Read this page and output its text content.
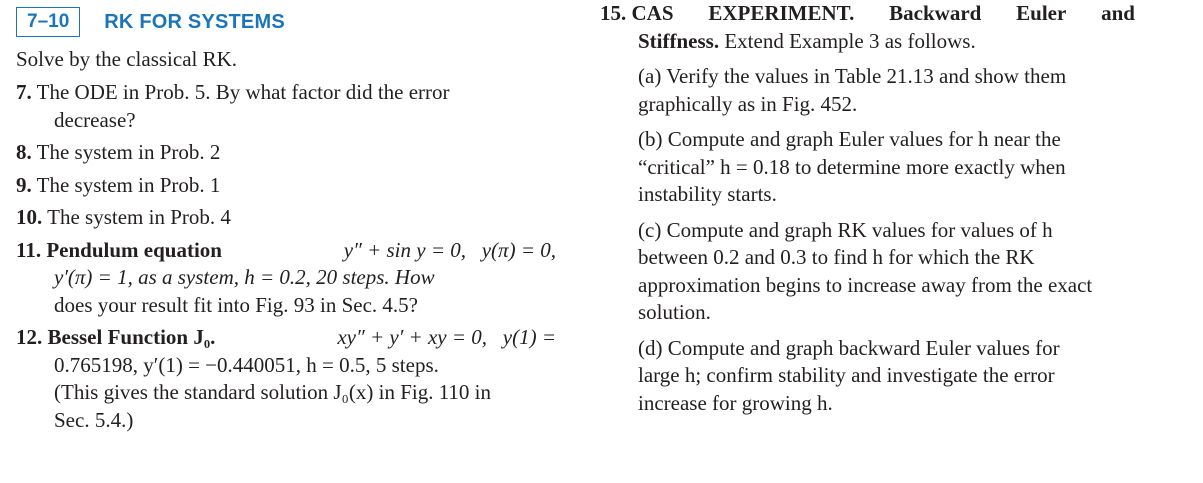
7–10	RK FOR SYSTEMS
Solve by the classical RK.
7. The ODE in Prob. 5. By what factor did the error
decrease?
8. The system in Prob. 2
9. The system in Prob. 1
10. The system in Prob. 4
11. Pendulum equation	y″ + sin y = 0,   y(π) = 0,
y′(π) = 1, as a system, h = 0.2, 20 steps. How
does your result fit into Fig. 93 in Sec. 4.5?
12. Bessel Function J₀.	xy″ + y′ + xy = 0,   y(1) =
0.765198, y′(1) = −0.440051, h = 0.5, 5 steps.
(This gives the standard solution J₀(x) in Fig. 110 in
Sec. 5.4.)
15. CAS EXPERIMENT. Backward Euler and
Stiffness. Extend Example 3 as follows.
(a) Verify the values in Table 21.13 and show them
graphically as in Fig. 452.
(b) Compute and graph Euler values for h near the
“critical” h = 0.18 to determine more exactly when
instability starts.
(c) Compute and graph RK values for values of h
between 0.2 and 0.3 to find h for which the RK
approximation begins to increase away from the exact
solution.
(d) Compute and graph backward Euler values for
large h; confirm stability and investigate the error
increase for growing h.
